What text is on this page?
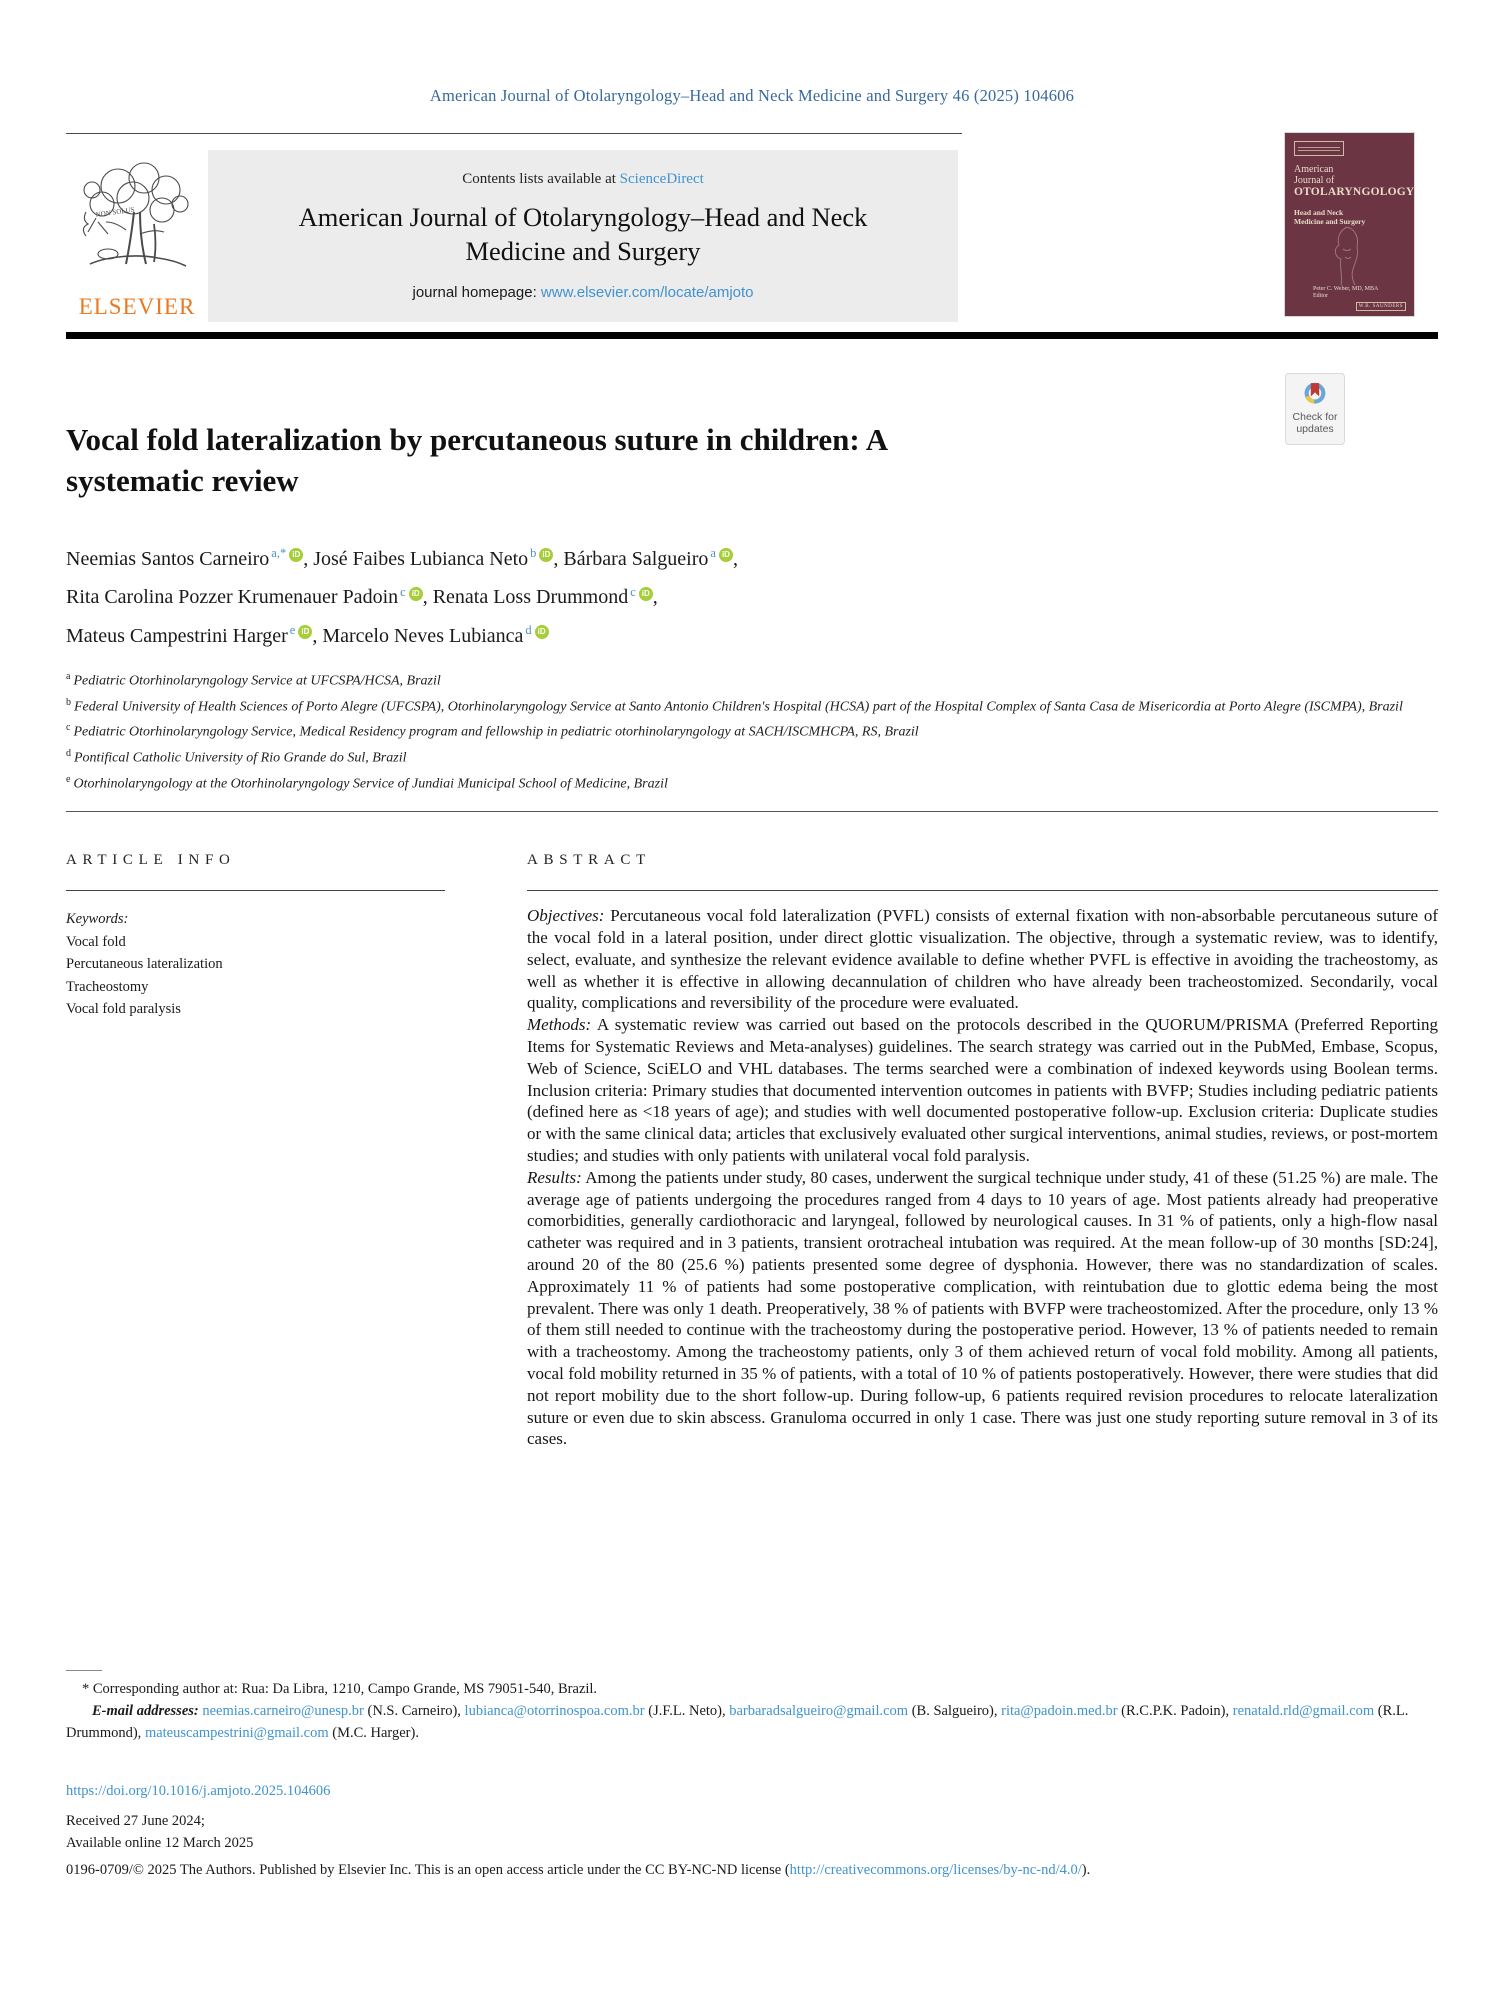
American Journal of Otolaryngology–Head and Neck Medicine and Surgery 46 (2025) 104606
NON SOLUS
ELSEVIER
Contents lists available at ScienceDirect
American Journal of Otolaryngology–Head and Neck Medicine and Surgery
journal homepage: www.elsevier.com/locate/amjoto
American
Journal of
OTOLARYNGOLOGY
Head and Neck
Medicine and Surgery
Peter C. Weber, MD, MBA
Editor
W.B. SAUNDERS
Check for
updates
Vocal fold lateralization by percutaneous suture in children: A systematic review
Neemias Santos Carneiro $^{a,*}$ iD , José Faibes Lubianca Neto $^b$ iD , Bárbara Salgueiro $^a$ iD ,
Rita Carolina Pozzer Krumenauer Padoin $^c$ iD , Renata Loss Drummond $^c$ iD ,
Mateus Campestrini Harger $^e$ iD , Marcelo Neves Lubianca $^d$ iD
$^a$ Pediatric Otorhinolaryngology Service at UFCSPA/HCSA, Brazil
$^b$ Federal University of Health Sciences of Porto Alegre (UFCSPA), Otorhinolaryngology Service at Santo Antonio Children's Hospital (HCSA) part of the Hospital Complex of Santa Casa de Misericordia at Porto Alegre (ISCMPA), Brazil
$^c$ Pediatric Otorhinolaryngology Service, Medical Residency program and fellowship in pediatric otorhinolaryngology at SACH/ISCMHCPA, RS, Brazil
$^d$ Pontifical Catholic University of Rio Grande do Sul, Brazil
$^e$ Otorhinolaryngology at the Otorhinolaryngology Service of Jundiai Municipal School of Medicine, Brazil
ARTICLE INFO
Keywords:
Vocal fold
Percutaneous lateralization
Tracheostomy
Vocal fold paralysis
ABSTRACT
Objectives: Percutaneous vocal fold lateralization (PVFL) consists of external fixation with non-absorbable percutaneous suture of the vocal fold in a lateral position, under direct glottic visualization. The objective, through a systematic review, was to identify, select, evaluate, and synthesize the relevant evidence available to define whether PVFL is effective in avoiding the tracheostomy, as well as whether it is effective in allowing decannulation of children who have already been tracheostomized. Secondarily, vocal quality, complications and reversibility of the procedure were evaluated.
Methods: A systematic review was carried out based on the protocols described in the QUORUM/PRISMA (Preferred Reporting Items for Systematic Reviews and Meta-analyses) guidelines. The search strategy was carried out in the PubMed, Embase, Scopus, Web of Science, SciELO and VHL databases. The terms searched were a combination of indexed keywords using Boolean terms. Inclusion criteria: Primary studies that documented intervention outcomes in patients with BVFP; Studies including pediatric patients (defined here as <18 years of age); and studies with well documented postoperative follow-up. Exclusion criteria: Duplicate studies or with the same clinical data; articles that exclusively evaluated other surgical interventions, animal studies, reviews, or post-mortem studies; and studies with only patients with unilateral vocal fold paralysis.
Results: Among the patients under study, 80 cases, underwent the surgical technique under study, 41 of these (51.25 %) are male. The average age of patients undergoing the procedures ranged from 4 days to 10 years of age. Most patients already had preoperative comorbidities, generally cardiothoracic and laryngeal, followed by neurological causes. In 31 % of patients, only a high-flow nasal catheter was required and in 3 patients, transient orotracheal intubation was required. At the mean follow-up of 30 months [SD:24], around 20 of the 80 (25.6 %) patients presented some degree of dysphonia. However, there was no standardization of scales. Approximately 11 % of patients had some postoperative complication, with reintubation due to glottic edema being the most prevalent. There was only 1 death. Preoperatively, 38 % of patients with BVFP were tracheostomized. After the procedure, only 13 % of them still needed to continue with the tracheostomy during the postoperative period. However, 13 % of patients needed to remain with a tracheostomy. Among the tracheostomy patients, only 3 of them achieved return of vocal fold mobility. Among all patients, vocal fold mobility returned in 35 % of patients, with a total of 10 % of patients postoperatively. However, there were studies that did not report mobility due to the short follow-up. During follow-up, 6 patients required revision procedures to relocate lateralization suture or even due to skin abscess. Granuloma occurred in only 1 case. There was just one study reporting suture removal in 3 of its cases.
* Corresponding author at: Rua: Da Libra, 1210, Campo Grande, MS 79051-540, Brazil.

E-mail addresses: neemias.carneiro@unesp.br (N.S. Carneiro), lubianca@otorrinospoa.com.br (J.F.L. Neto), barbaradsalgueiro@gmail.com (B. Salgueiro), rita@padoin.med.br (R.C.P.K. Padoin), renatald.rld@gmail.com (R.L. Drummond), mateuscampestrini@gmail.com (M.C. Harger).

https://doi.org/10.1016/j.amjoto.2025.104606
Received 27 June 2024;
Available online 12 March 2025

0196-0709/© 2025 The Authors. Published by Elsevier Inc. This is an open access article under the CC BY-NC-ND license (http://creativecommons.org/licenses/by-nc-nd/4.0/).
